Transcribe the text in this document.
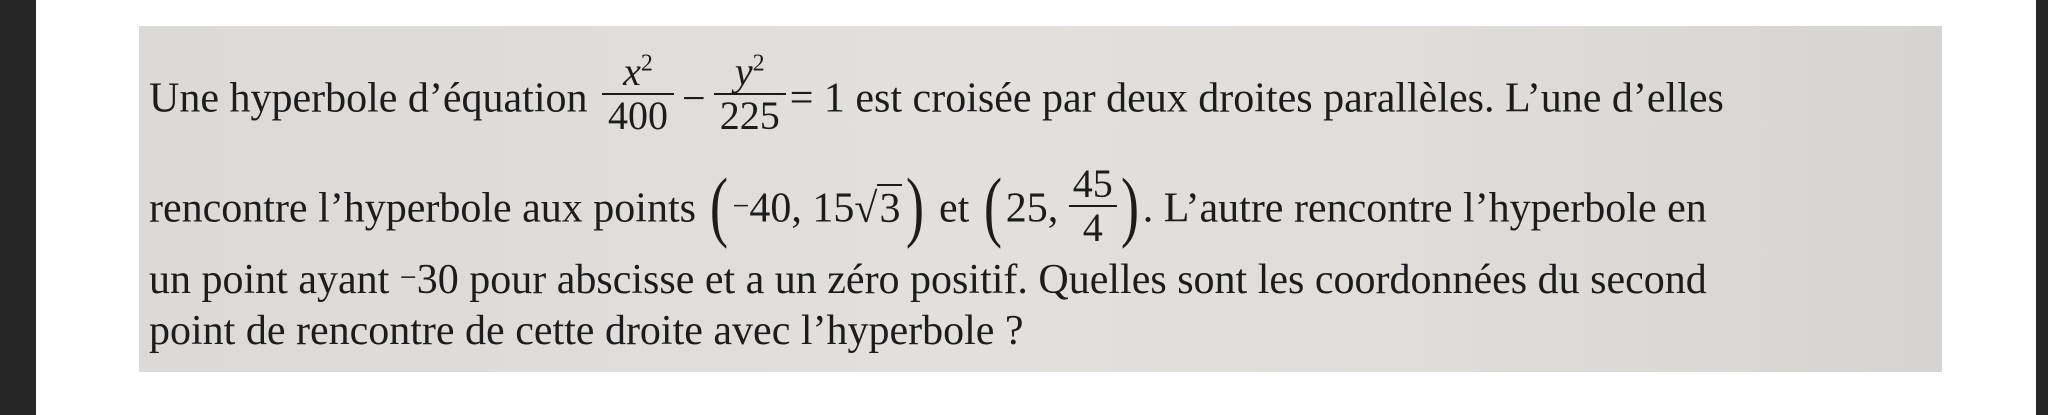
Une hyperbole d’équation $\frac{x^2}{400} - \frac{y^2}{225} = 1$ est croisée par deux droites parallèles. L’une d’elles
rencontre l’hyperbole aux points ( −40, 15√3) et (25, $\frac{45}{4}$ ). L’autre rencontre l’hyperbole en
un point ayant −30 pour abscisse et a un zéro positif. Quelles sont les coordonnées du second
point de rencontre de cette droite avec l’hyperbole ?
